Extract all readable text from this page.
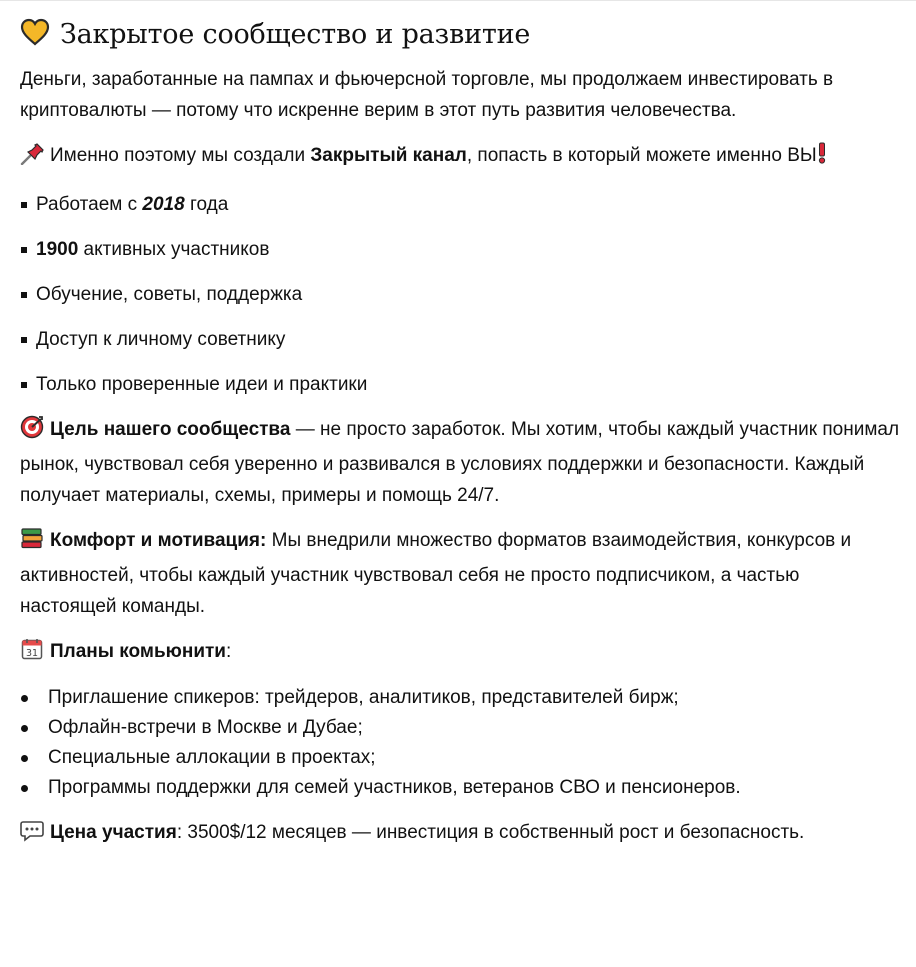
Закрытое сообщество и развитие

Деньги, заработанные на пампах и фьючерсной торговле, мы продолжаем инвестировать в криптовалюты — потому что искренне верим в этот путь развития человечества.

Именно поэтому мы создали Закрытый канал, попасть в который можете именно ВЫ

Работаем с 2018 года
1900 активных участников
Обучение, советы, поддержка
Доступ к личному советнику
Только проверенные идеи и практики

Цель нашего сообщества — не просто заработок. Мы хотим, чтобы каждый участник понимал рынок, чувствовал себя уверенно и развивался в условиях поддержки и безопасности. Каждый получает материалы, схемы, примеры и помощь 24/7.

Комфорт и мотивация: Мы внедрили множество форматов взаимодействия, конкурсов и активностей, чтобы каждый участник чувствовал себя не просто подписчиком, а частью настоящей команды.

31 Планы комьюнити:

Приглашение спикеров: трейдеров, аналитиков, представителей бирж;
Офлайн-встречи в Москве и Дубае;
Специальные аллокации в проектах;
Программы поддержки для семей участников, ветеранов СВО и пенсионеров.

Цена участия: 3500$/12 месяцев — инвестиция в собственный рост и безопасность.
